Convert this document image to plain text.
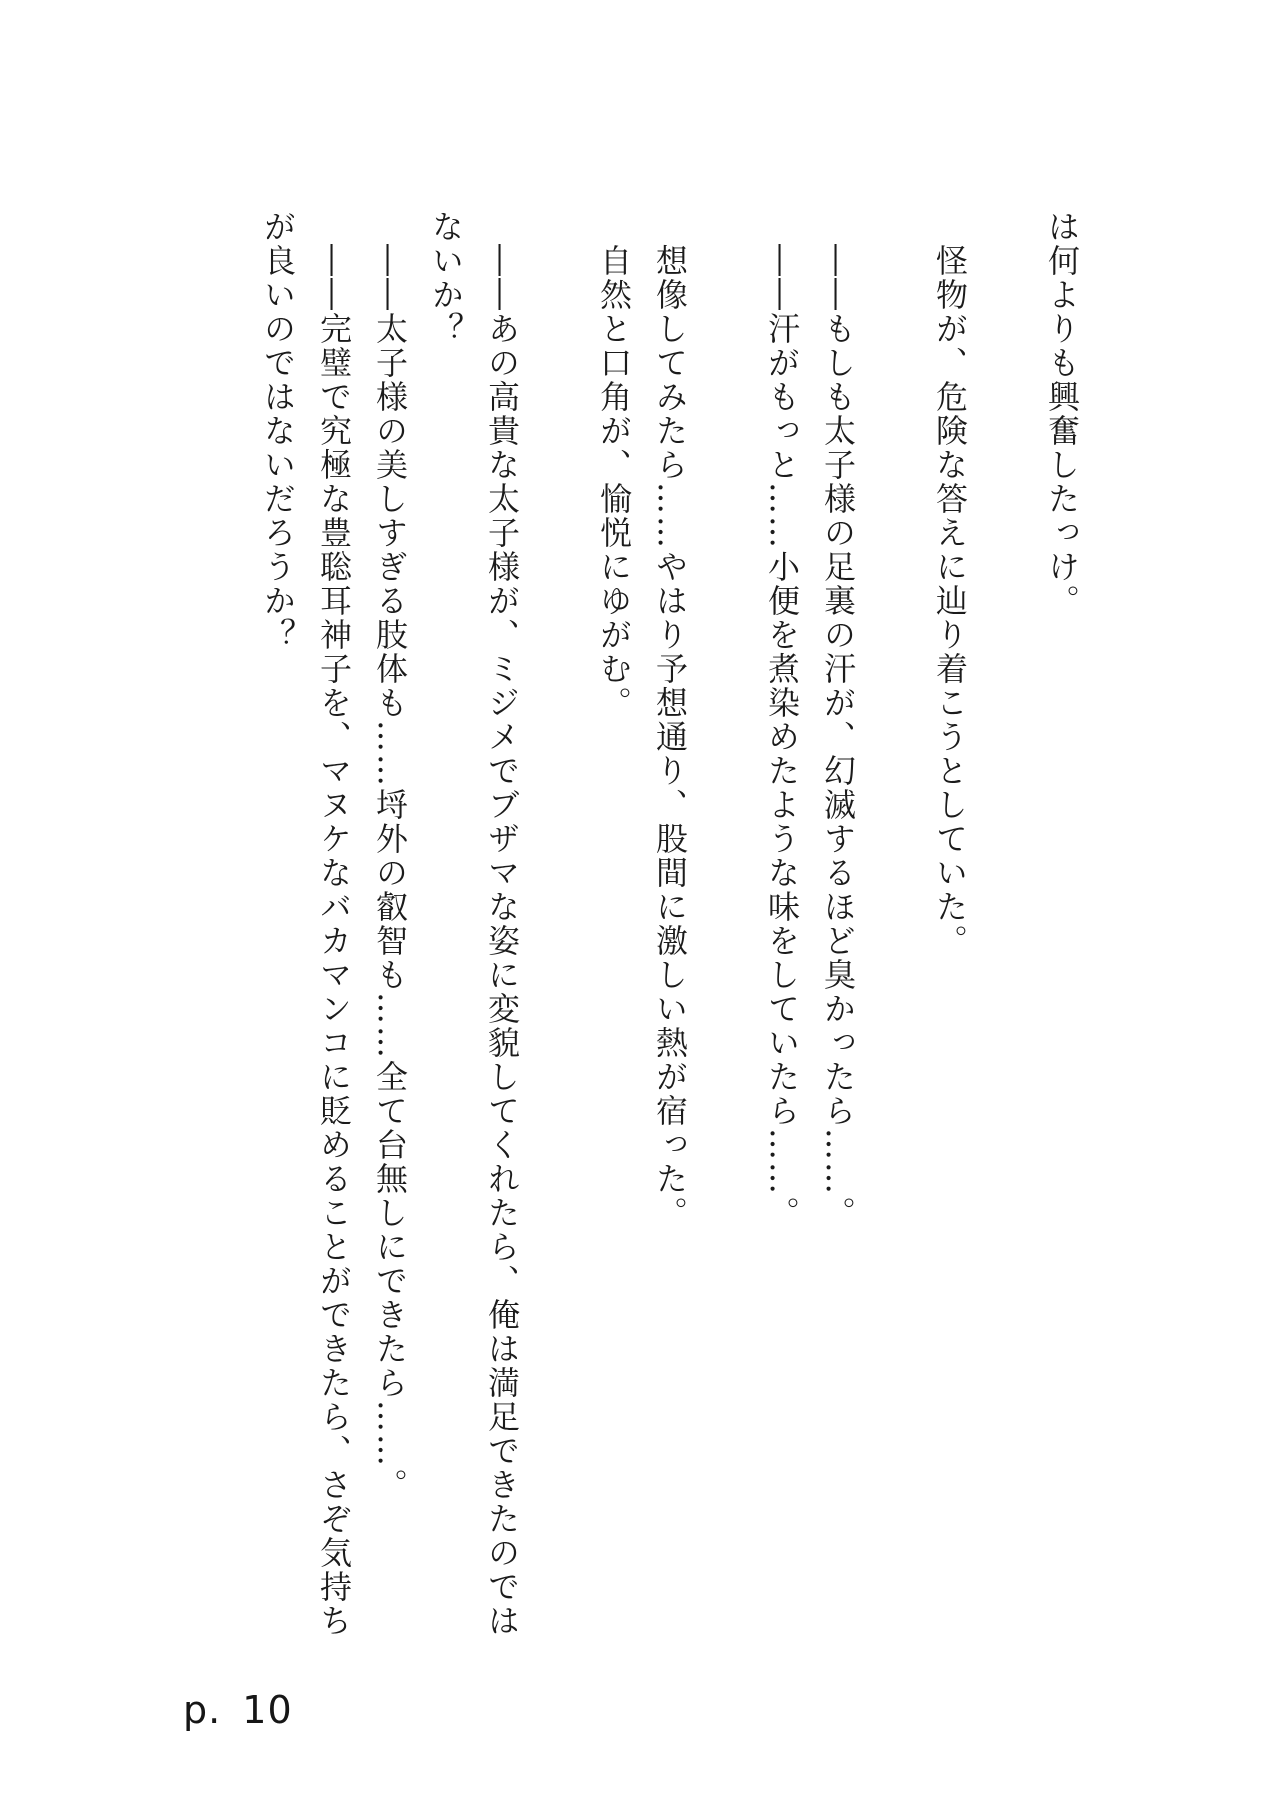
は何よりも興奮したっけ。

怪物が、危険な答えに辿り着こうとしていた。

――もしも太子様の足裏の汗が、幻滅するほど臭かったら……。

――汗がもっと……小便を煮染めたような味をしていたら……。

想像してみたら……やはり予想通り、股間に激しい熱が宿った。

自然と口角が、愉悦にゆがむ。

――あの高貴な太子様が、ミジメでブザマな姿に変貌してくれたら、俺は満足できたのではないか？

――太子様の美しすぎる肢体も……埒外の叡智も……全て台無しにできたら……。

――完璧で究極な豊聡耳神子を、マヌケなバカマンコに貶めることができたら、さぞ気持ちが良いのではないだろうか？

p. 10
